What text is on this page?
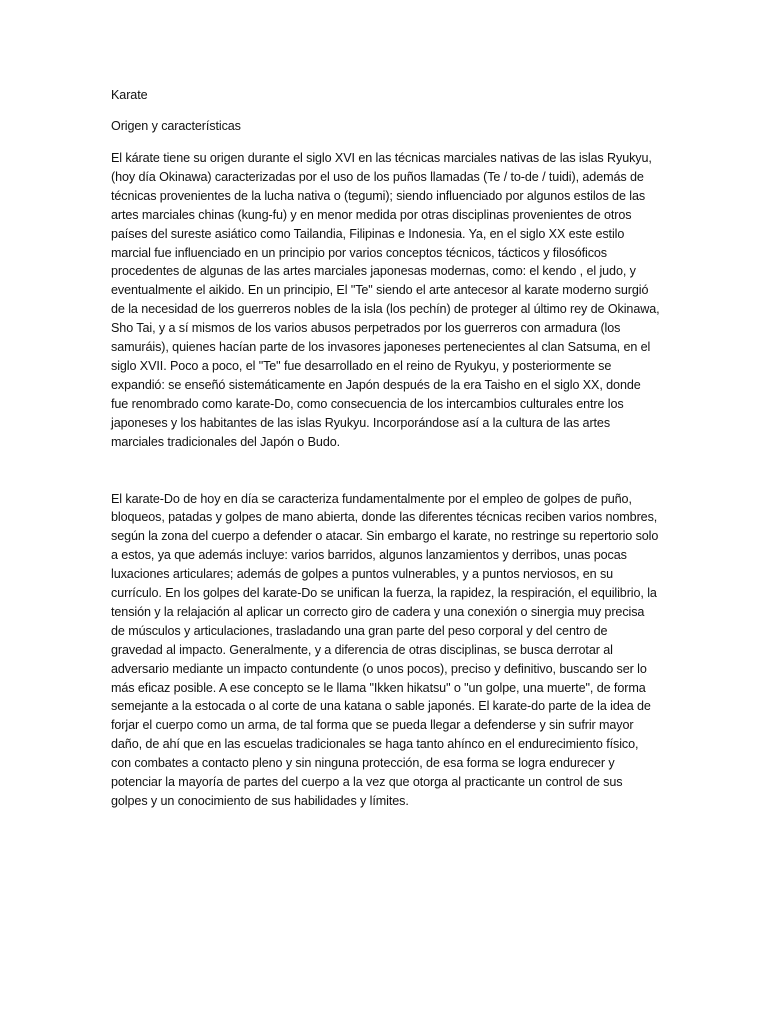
Karate
Origen y características

El kárate tiene su origen durante el siglo XVI en las técnicas marciales nativas de las islas Ryukyu, (hoy día Okinawa) caracterizadas por el uso de los puños llamadas (Te / to-de / tuidi), además de técnicas provenientes de la lucha nativa o (tegumi); siendo influenciado por algunos estilos de las artes marciales chinas (kung-fu) y en menor medida por otras disciplinas provenientes de otros países del sureste asiático como Tailandia, Filipinas e Indonesia. Ya, en el siglo XX este estilo marcial fue influenciado en un principio por varios conceptos técnicos, tácticos y filosóficos procedentes de algunas de las artes marciales japonesas modernas, como: el kendo , el judo, y eventualmente el aikido. En un principio, El "Te" siendo el arte antecesor al karate moderno surgió de la necesidad de los guerreros nobles de la isla (los pechín) de proteger al último rey de Okinawa, Sho Tai, y a sí mismos de los varios abusos perpetrados por los guerreros con armadura (los samuráis), quienes hacían parte de los invasores japoneses pertenecientes al clan Satsuma, en el siglo XVII. Poco a poco, el "Te" fue desarrollado en el reino de Ryukyu, y posteriormente se expandió: se enseñó sistemáticamente en Japón después de la era Taisho en el siglo XX, donde fue renombrado como karate-Do, como consecuencia de los intercambios culturales entre los japoneses y los habitantes de las islas Ryukyu. Incorporándose así a la cultura de las artes marciales tradicionales del Japón o Budo.

El karate-Do de hoy en día se caracteriza fundamentalmente por el empleo de golpes de puño, bloqueos, patadas y golpes de mano abierta, donde las diferentes técnicas reciben varios nombres, según la zona del cuerpo a defender o atacar. Sin embargo el karate, no restringe su repertorio solo a estos, ya que además incluye: varios barridos, algunos lanzamientos y derribos, unas pocas luxaciones articulares; además de golpes a puntos vulnerables, y a puntos nerviosos, en su currículo. En los golpes del karate-Do se unifican la fuerza, la rapidez, la respiración, el equilibrio, la tensión y la relajación al aplicar un correcto giro de cadera y una conexión o sinergia muy precisa de músculos y articulaciones, trasladando una gran parte del peso corporal y del centro de gravedad al impacto. Generalmente, y a diferencia de otras disciplinas, se busca derrotar al adversario mediante un impacto contundente (o unos pocos), preciso y definitivo, buscando ser lo más eficaz posible. A ese concepto se le llama "Ikken hikatsu" o "un golpe, una muerte", de forma semejante a la estocada o al corte de una katana o sable japonés. El karate-do parte de la idea de forjar el cuerpo como un arma, de tal forma que se pueda llegar a defenderse y sin sufrir mayor daño, de ahí que en las escuelas tradicionales se haga tanto ahínco en el endurecimiento físico, con combates a contacto pleno y sin ninguna protección, de esa forma se logra endurecer y potenciar la mayoría de partes del cuerpo a la vez que otorga al practicante un control de sus golpes y un conocimiento de sus habilidades y límites.
